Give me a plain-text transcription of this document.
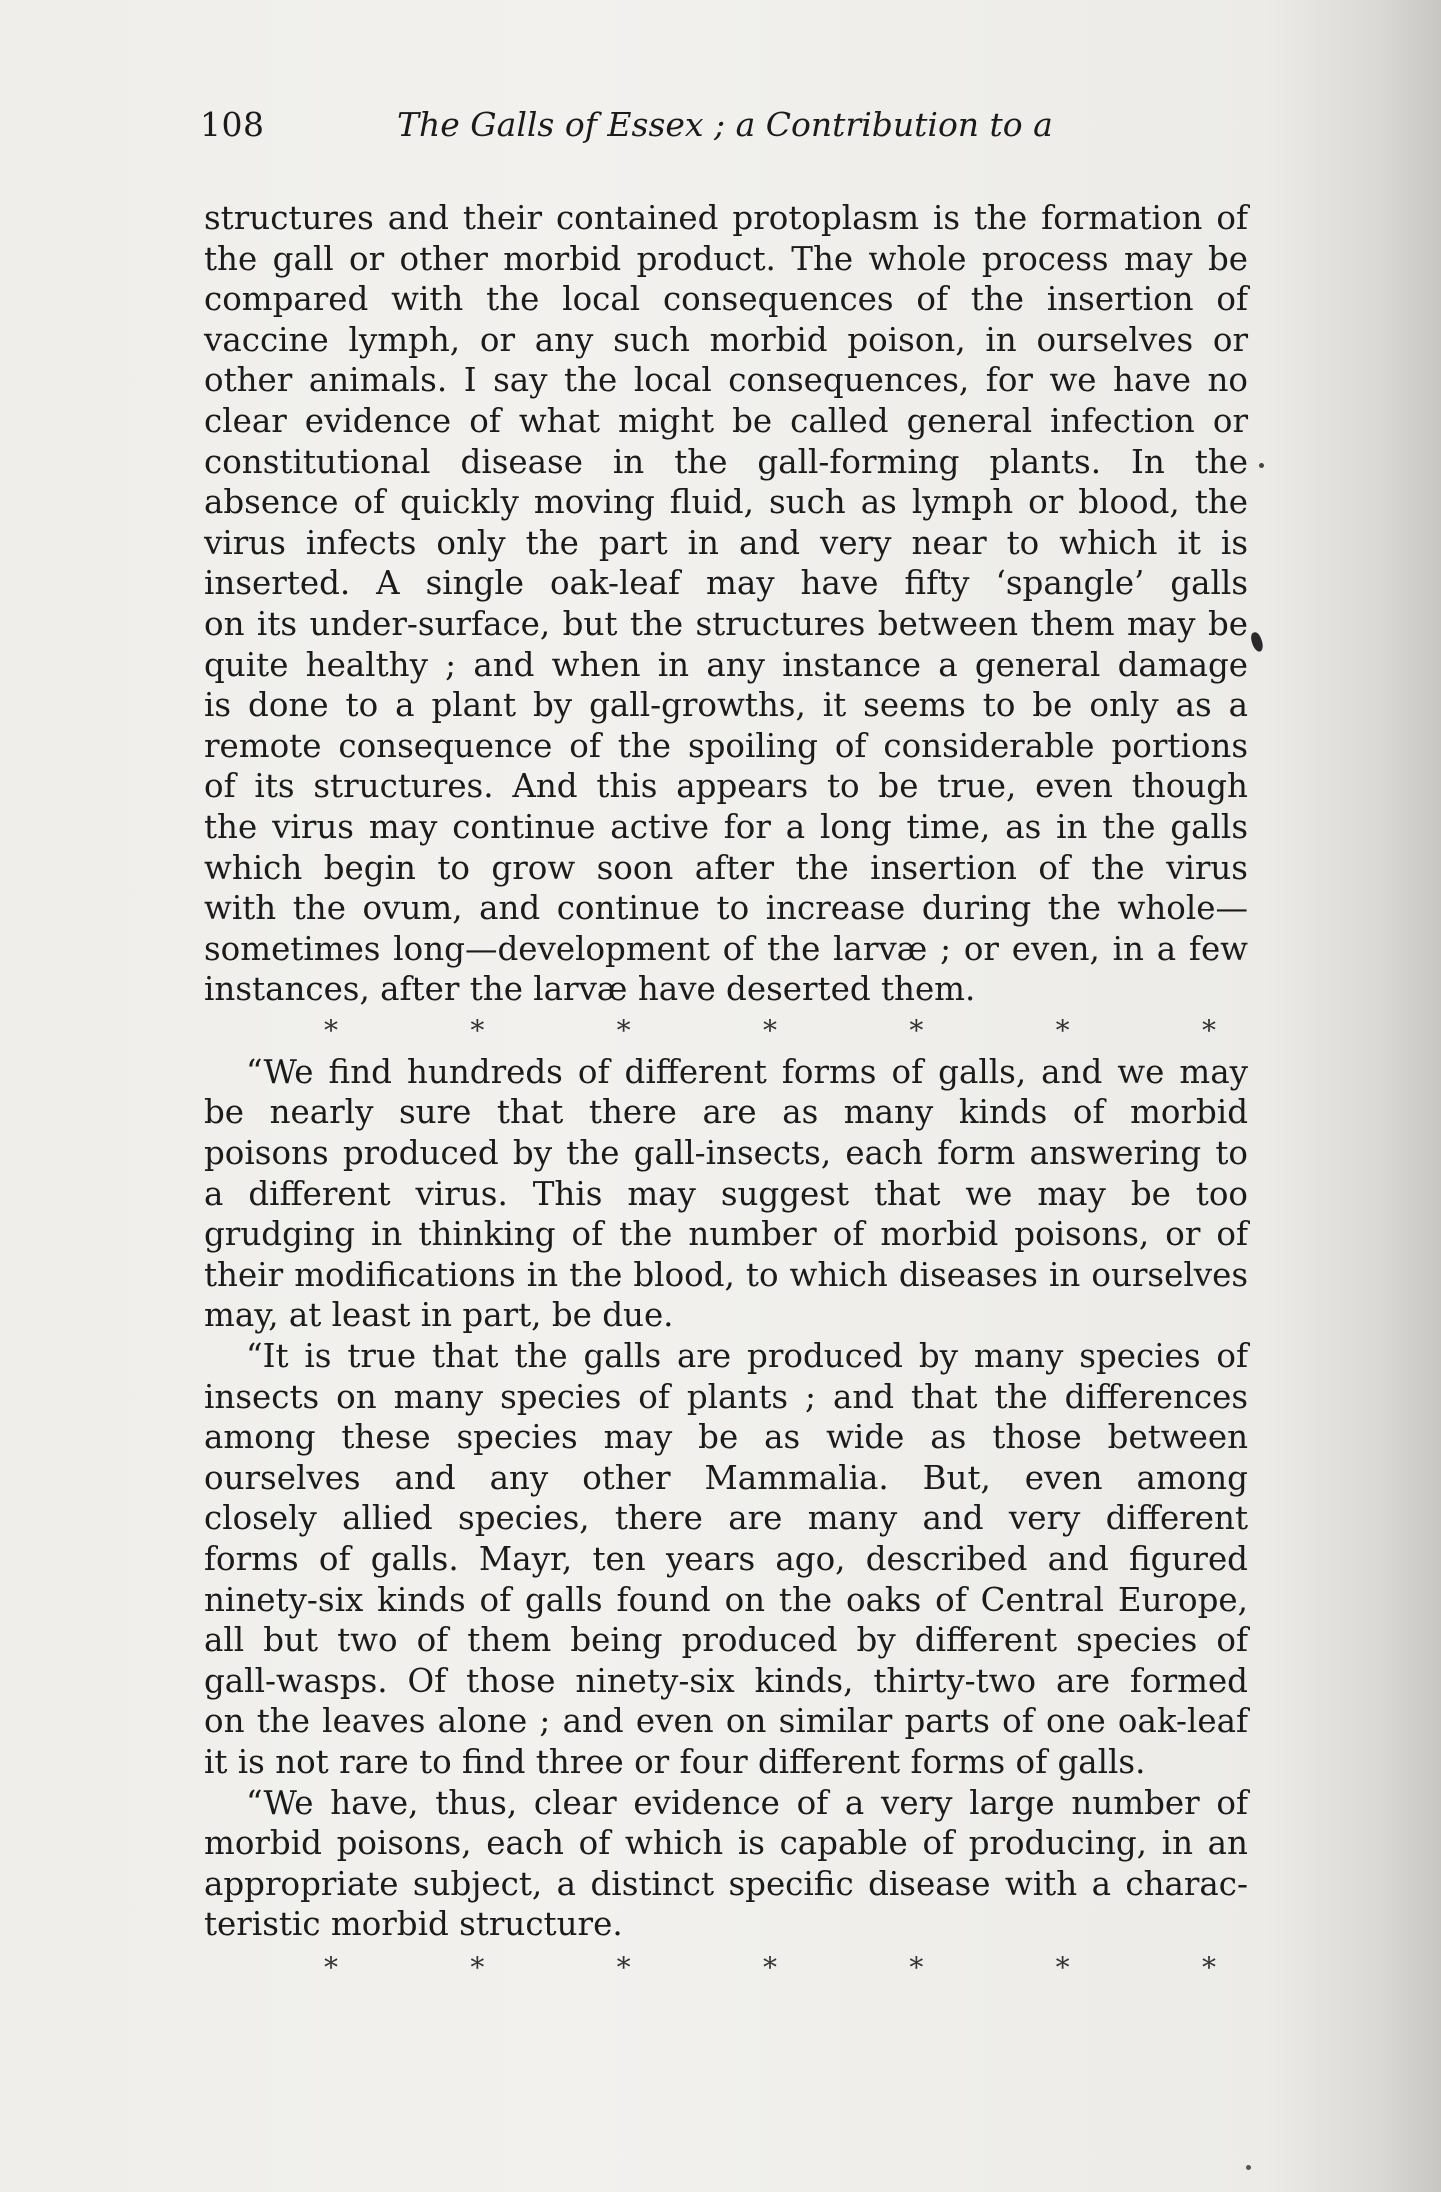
108	The Galls of Essex ; a Contribution to a
structures and their contained protoplasm is the formation of
the gall or other morbid product. The whole process may be
compared with the local consequences of the insertion of
vaccine lymph, or any such morbid poison, in ourselves or
other animals. I say the local consequences, for we have no
clear evidence of what might be called general infection or
constitutional disease in the gall-forming plants. In the
absence of quickly moving fluid, such as lymph or blood, the
virus infects only the part in and very near to which it is
inserted. A single oak-leaf may have fifty ‘spangle’ galls
on its under-surface, but the structures between them may be
quite healthy ; and when in any instance a general damage
is done to a plant by gall-growths, it seems to be only as a
remote consequence of the spoiling of considerable portions
of its structures. And this appears to be true, even though
the virus may continue active for a long time, as in the galls
which begin to grow soon after the insertion of the virus
with the ovum, and continue to increase during the whole—
sometimes long—development of the larvæ ; or even, in a few
instances, after the larvæ have deserted them.
*	*	*	*	*	*	*
“We find hundreds of different forms of galls, and we may
be nearly sure that there are as many kinds of morbid
poisons produced by the gall-insects, each form answering to
a different virus. This may suggest that we may be too
grudging in thinking of the number of morbid poisons, or of
their modifications in the blood, to which diseases in ourselves
may, at least in part, be due.
“It is true that the galls are produced by many species of
insects on many species of plants ; and that the differences
among these species may be as wide as those between
ourselves and any other Mammalia. But, even among
closely allied species, there are many and very different
forms of galls. Mayr, ten years ago, described and figured
ninety-six kinds of galls found on the oaks of Central Europe,
all but two of them being produced by different species of
gall-wasps. Of those ninety-six kinds, thirty-two are formed
on the leaves alone ; and even on similar parts of one oak-leaf
it is not rare to find three or four different forms of galls.
“We have, thus, clear evidence of a very large number of
morbid poisons, each of which is capable of producing, in an
appropriate subject, a distinct specific disease with a charac-
teristic morbid structure.
*	*	*	*	*	*	*
